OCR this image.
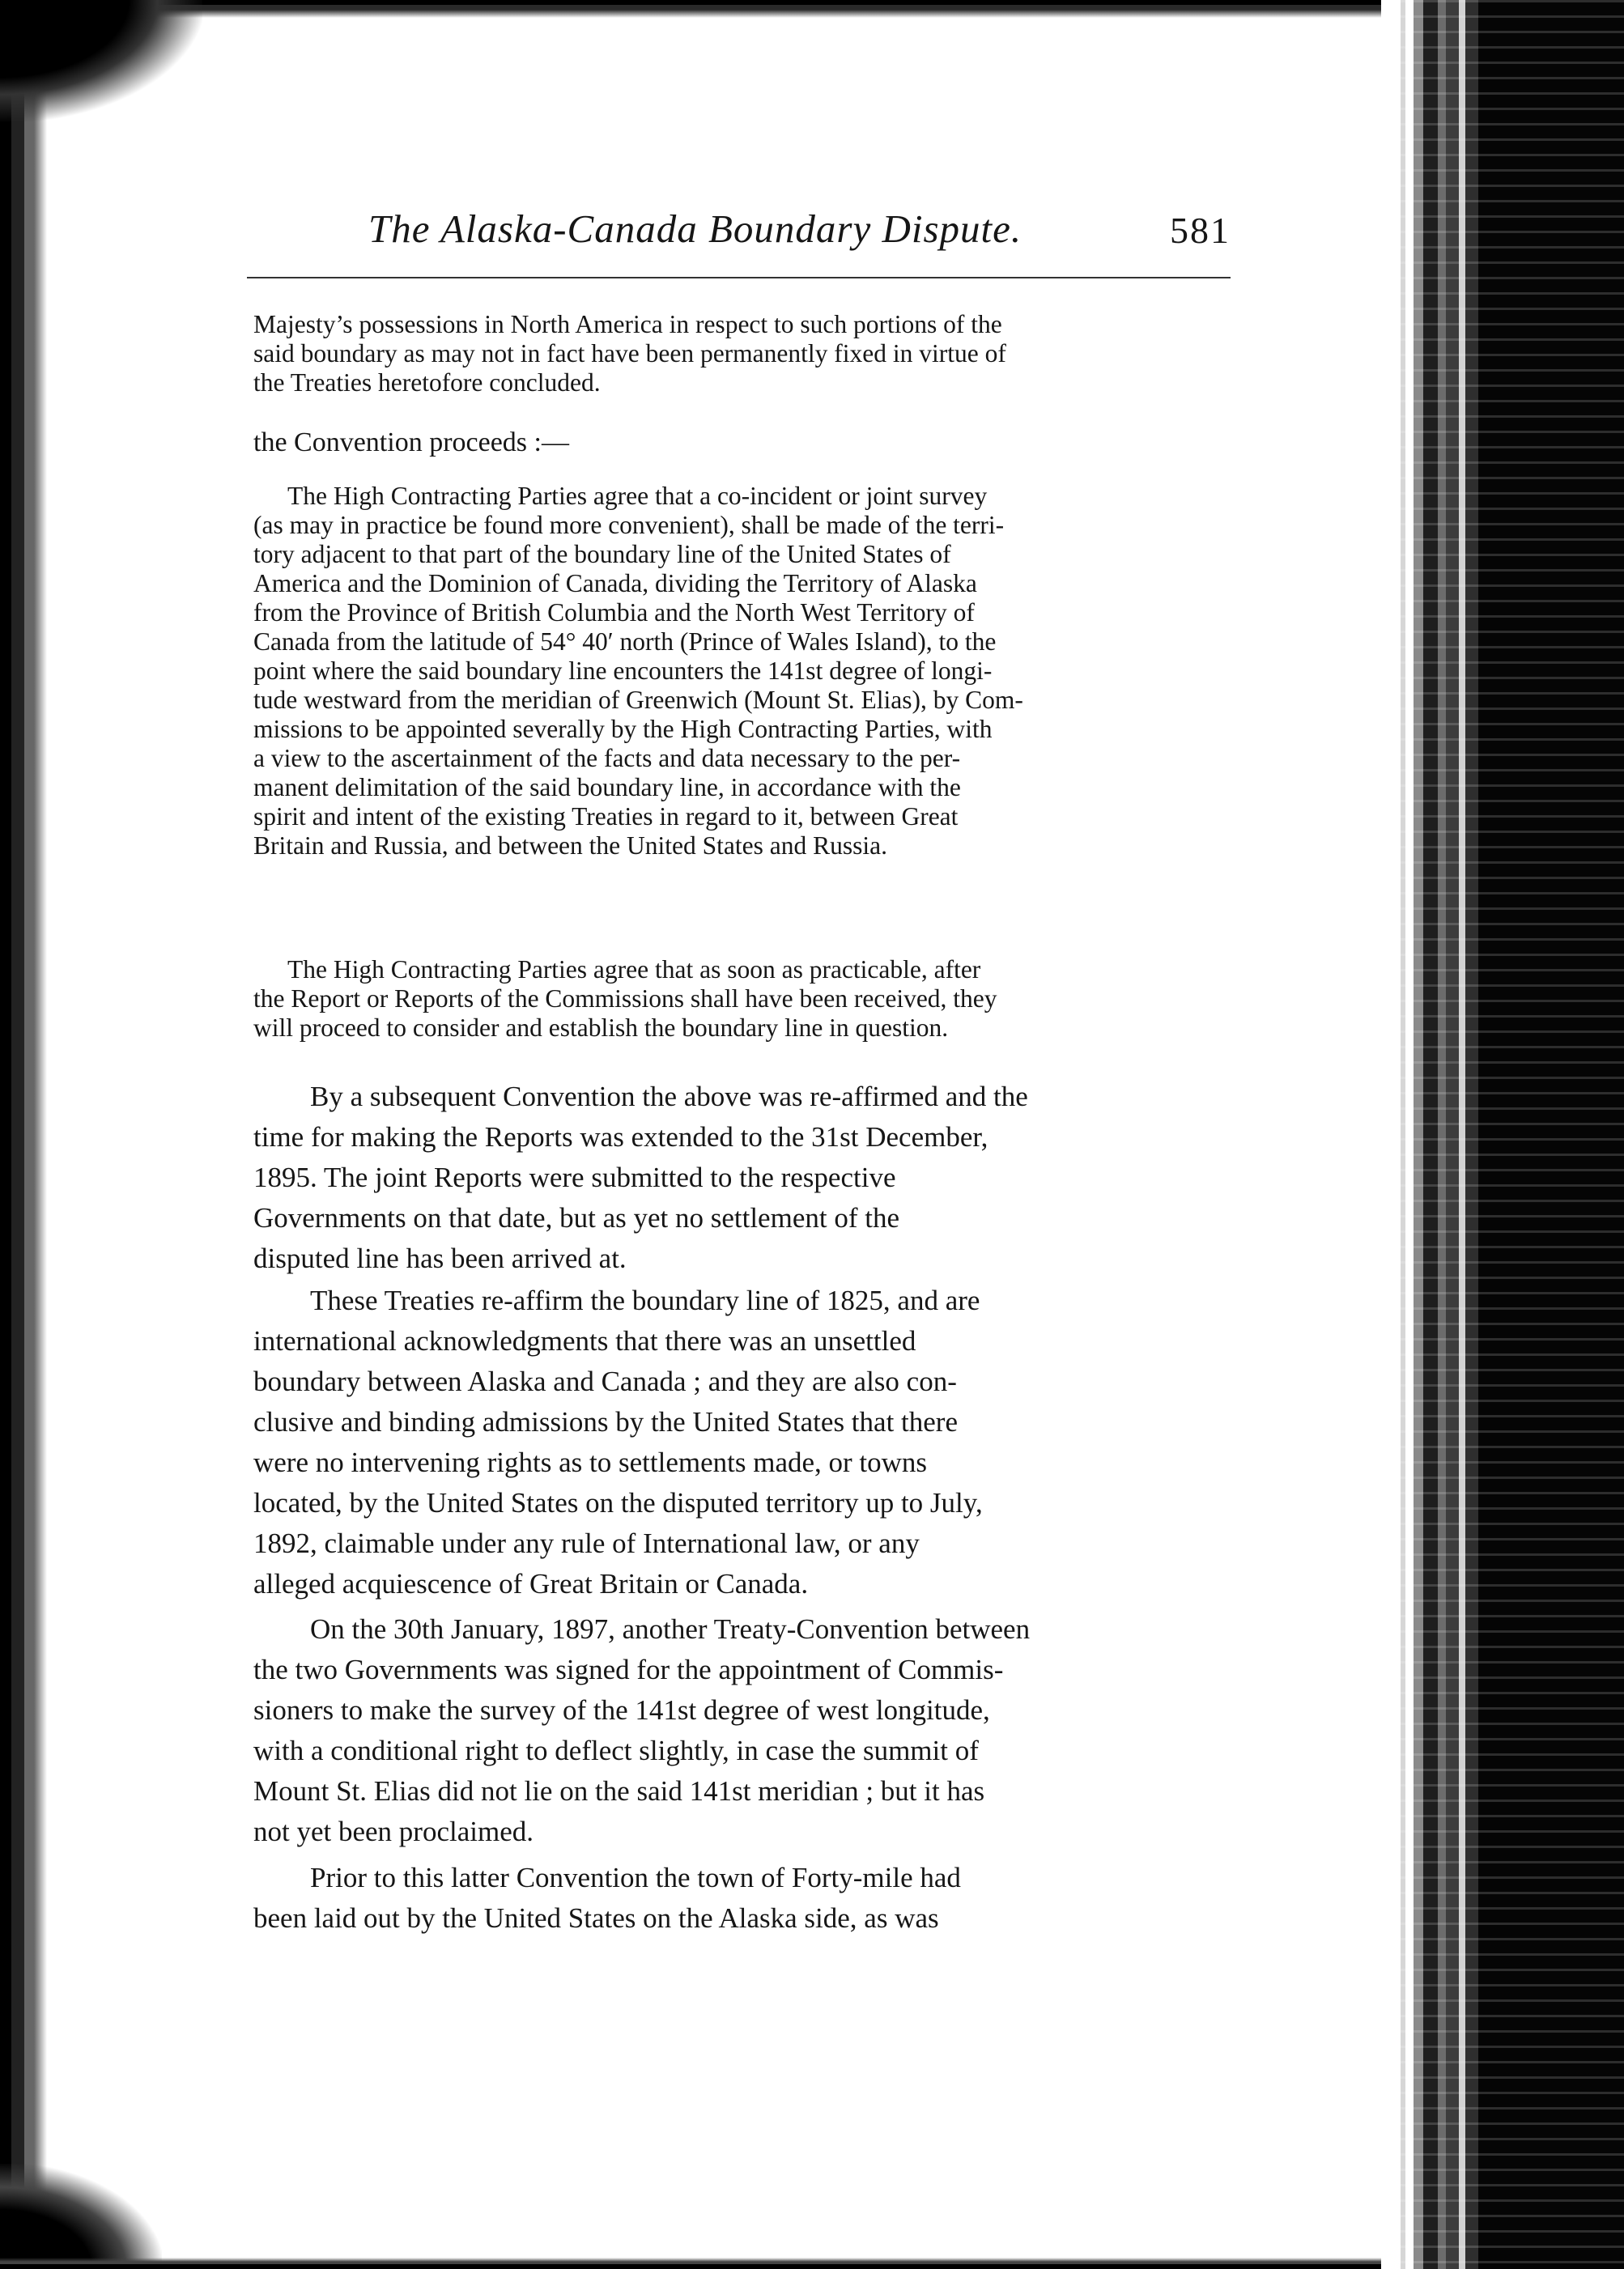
The Alaska-Canada Boundary Dispute.	581
Majesty’s possessions in North America in respect to such portions of the
said boundary as may not in fact have been permanently fixed in virtue of
the Treaties heretofore concluded.
the Convention proceeds :—
The High Contracting Parties agree that a co-incident or joint survey
(as may in practice be found more convenient), shall be made of the terri-
tory adjacent to that part of the boundary line of the United States of
America and the Dominion of Canada, dividing the Territory of Alaska
from the Province of British Columbia and the North West Territory of
Canada from the latitude of 54° 40′ north (Prince of Wales Island), to the
point where the said boundary line encounters the 141st degree of longi-
tude westward from the meridian of Greenwich (Mount St. Elias), by Com-
missions to be appointed severally by the High Contracting Parties, with
a view to the ascertainment of the facts and data necessary to the per-
manent delimitation of the said boundary line, in accordance with the
spirit and intent of the existing Treaties in regard to it, between Great
Britain and Russia, and between the United States and Russia.
The High Contracting Parties agree that as soon as practicable, after
the Report or Reports of the Commissions shall have been received, they
will proceed to consider and establish the boundary line in question.
By a subsequent Convention the above was re-affirmed and the
time for making the Reports was extended to the 31st December,
1895. The joint Reports were submitted to the respective
Governments on that date, but as yet no settlement of the
disputed line has been arrived at.
These Treaties re-affirm the boundary line of 1825, and are
international acknowledgments that there was an unsettled
boundary between Alaska and Canada ; and they are also con-
clusive and binding admissions by the United States that there
were no intervening rights as to settlements made, or towns
located, by the United States on the disputed territory up to July,
1892, claimable under any rule of International law, or any
alleged acquiescence of Great Britain or Canada.
On the 30th January, 1897, another Treaty-Convention between
the two Governments was signed for the appointment of Commis-
sioners to make the survey of the 141st degree of west longitude,
with a conditional right to deflect slightly, in case the summit of
Mount St. Elias did not lie on the said 141st meridian ; but it has
not yet been proclaimed.
Prior to this latter Convention the town of Forty-mile had
been laid out by the United States on the Alaska side, as was
